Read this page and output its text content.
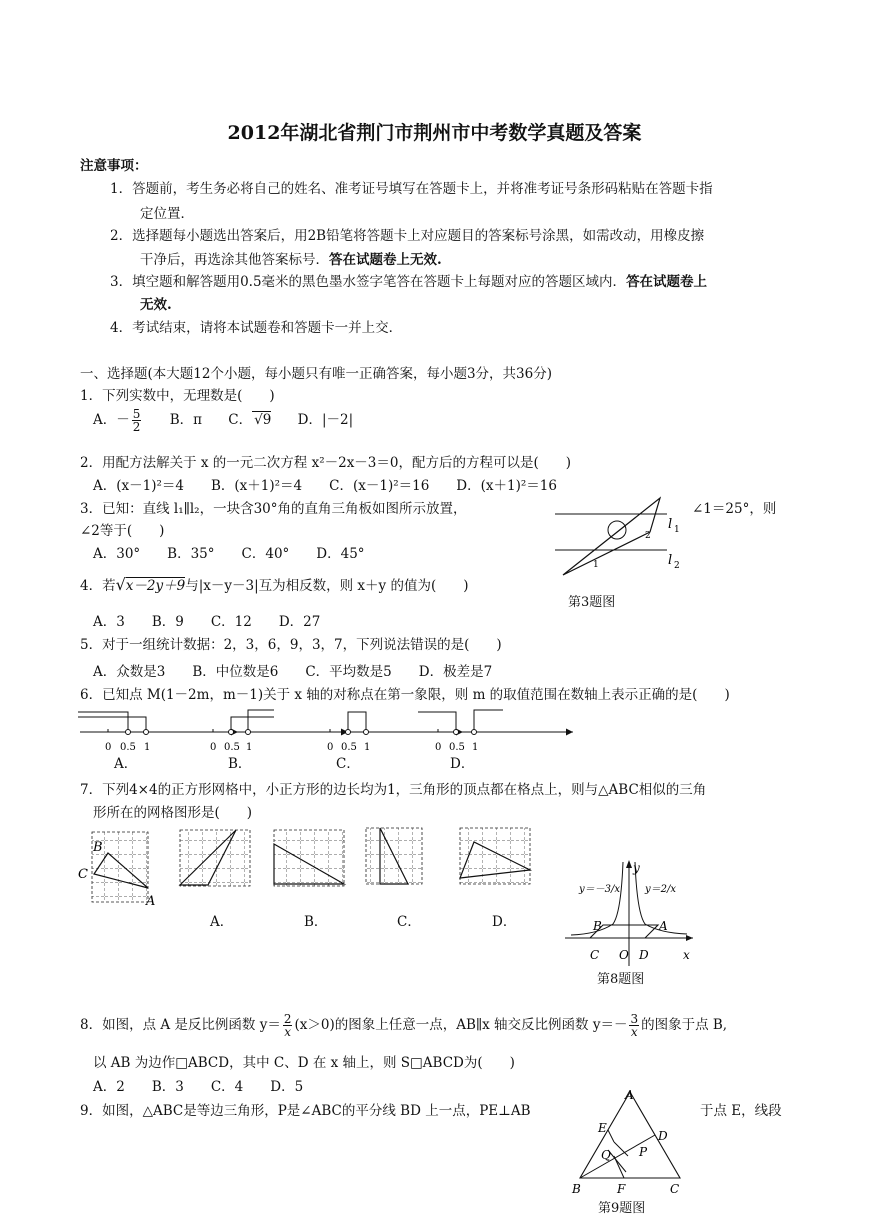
2012年湖北省荆门市荆州市中考数学真题及答案
注意事项：
1．答题前，考生务必将自己的姓名、准考证号填写在答题卡上，并将准考证号条形码粘贴在答题卡指
定位置．
2．选择题每小题选出答案后，用2B铅笔将答题卡上对应题目的答案标号涂黑，如需改动，用橡皮擦
干净后，再选涂其他答案标号．答在试题卷上无效.
3．填空题和解答题用0.5毫米的黑色墨水签字笔答在答题卡上每题对应的答题区域内．答在试题卷上
无效.
4．考试结束，请将本试题卷和答题卡一并上交．
一、选择题(本大题12个小题，每小题只有唯一正确答案，每小题3分，共36分)
1．下列实数中，无理数是(　　)
A．－ $\frac{5}{2}$ B．π C． √9 D．|－2|
2．用配方法解关于 x 的一元二次方程 x²－2x－3＝0，配方后的方程可以是(　　)
A．(x－1)²＝4　　B．(x＋1)²＝4　　C．(x－1)²＝16　　D．(x＋1)²＝16
3．已知：直线 l₁∥l₂，一块含30°角的直角三角板如图所示放置，	∠1＝25°，则
∠2等于(　　)
A．30°　　B．35°　　C．40°　　D．45°
l 1
l 2
2
1
第3题图
4．若√x－2y＋9与|x－y－3|互为相反数，则 x＋y 的值为(　　)
A．3　　B．9　　C．12　　D．27
5．对于一组统计数据：2，3，6，9，3，7，下列说法错误的是(　　)
A．众数是3　　B．中位数是6　　C．平均数是5　　D．极差是7
6．已知点 M(1－2m，m－1)关于 x 轴的对称点在第一象限，则 m 的取值范围在数轴上表示正确的是(　　)
0 0.5 1	0 0.5 1	0 0.5 1	0 0.5 1
A．	B．	C．	D．
7．下列4×4的正方形网格中，小正方形的边长均为1，三角形的顶点都在格点上，则与△ABC相似的三角
形所在的网格图形是(　　)
B
C
A
A．	B．	C．	D．
y
y＝－3/x y＝2/x
B	A
C O D	x
第8题图
8．如图，点 A 是反比例函数 $y= \frac{2}{x} (x>0)$的图象上任意一点，AB∥x 轴交反比例函数 $y=- \frac{3}{x}$ 的图象于点 B,
以 AB 为边作□ABCD，其中 C、D 在 x 轴上，则 S□ABCD为(　　)
A．2　　B．3　　C．4　　D．5
9．如图，△ABC是等边三角形，P是∠ABC的平分线 BD 上一点，PE⊥AB	于点 E，线段
A
E
D
P
Q
B	F	C
第9题图
